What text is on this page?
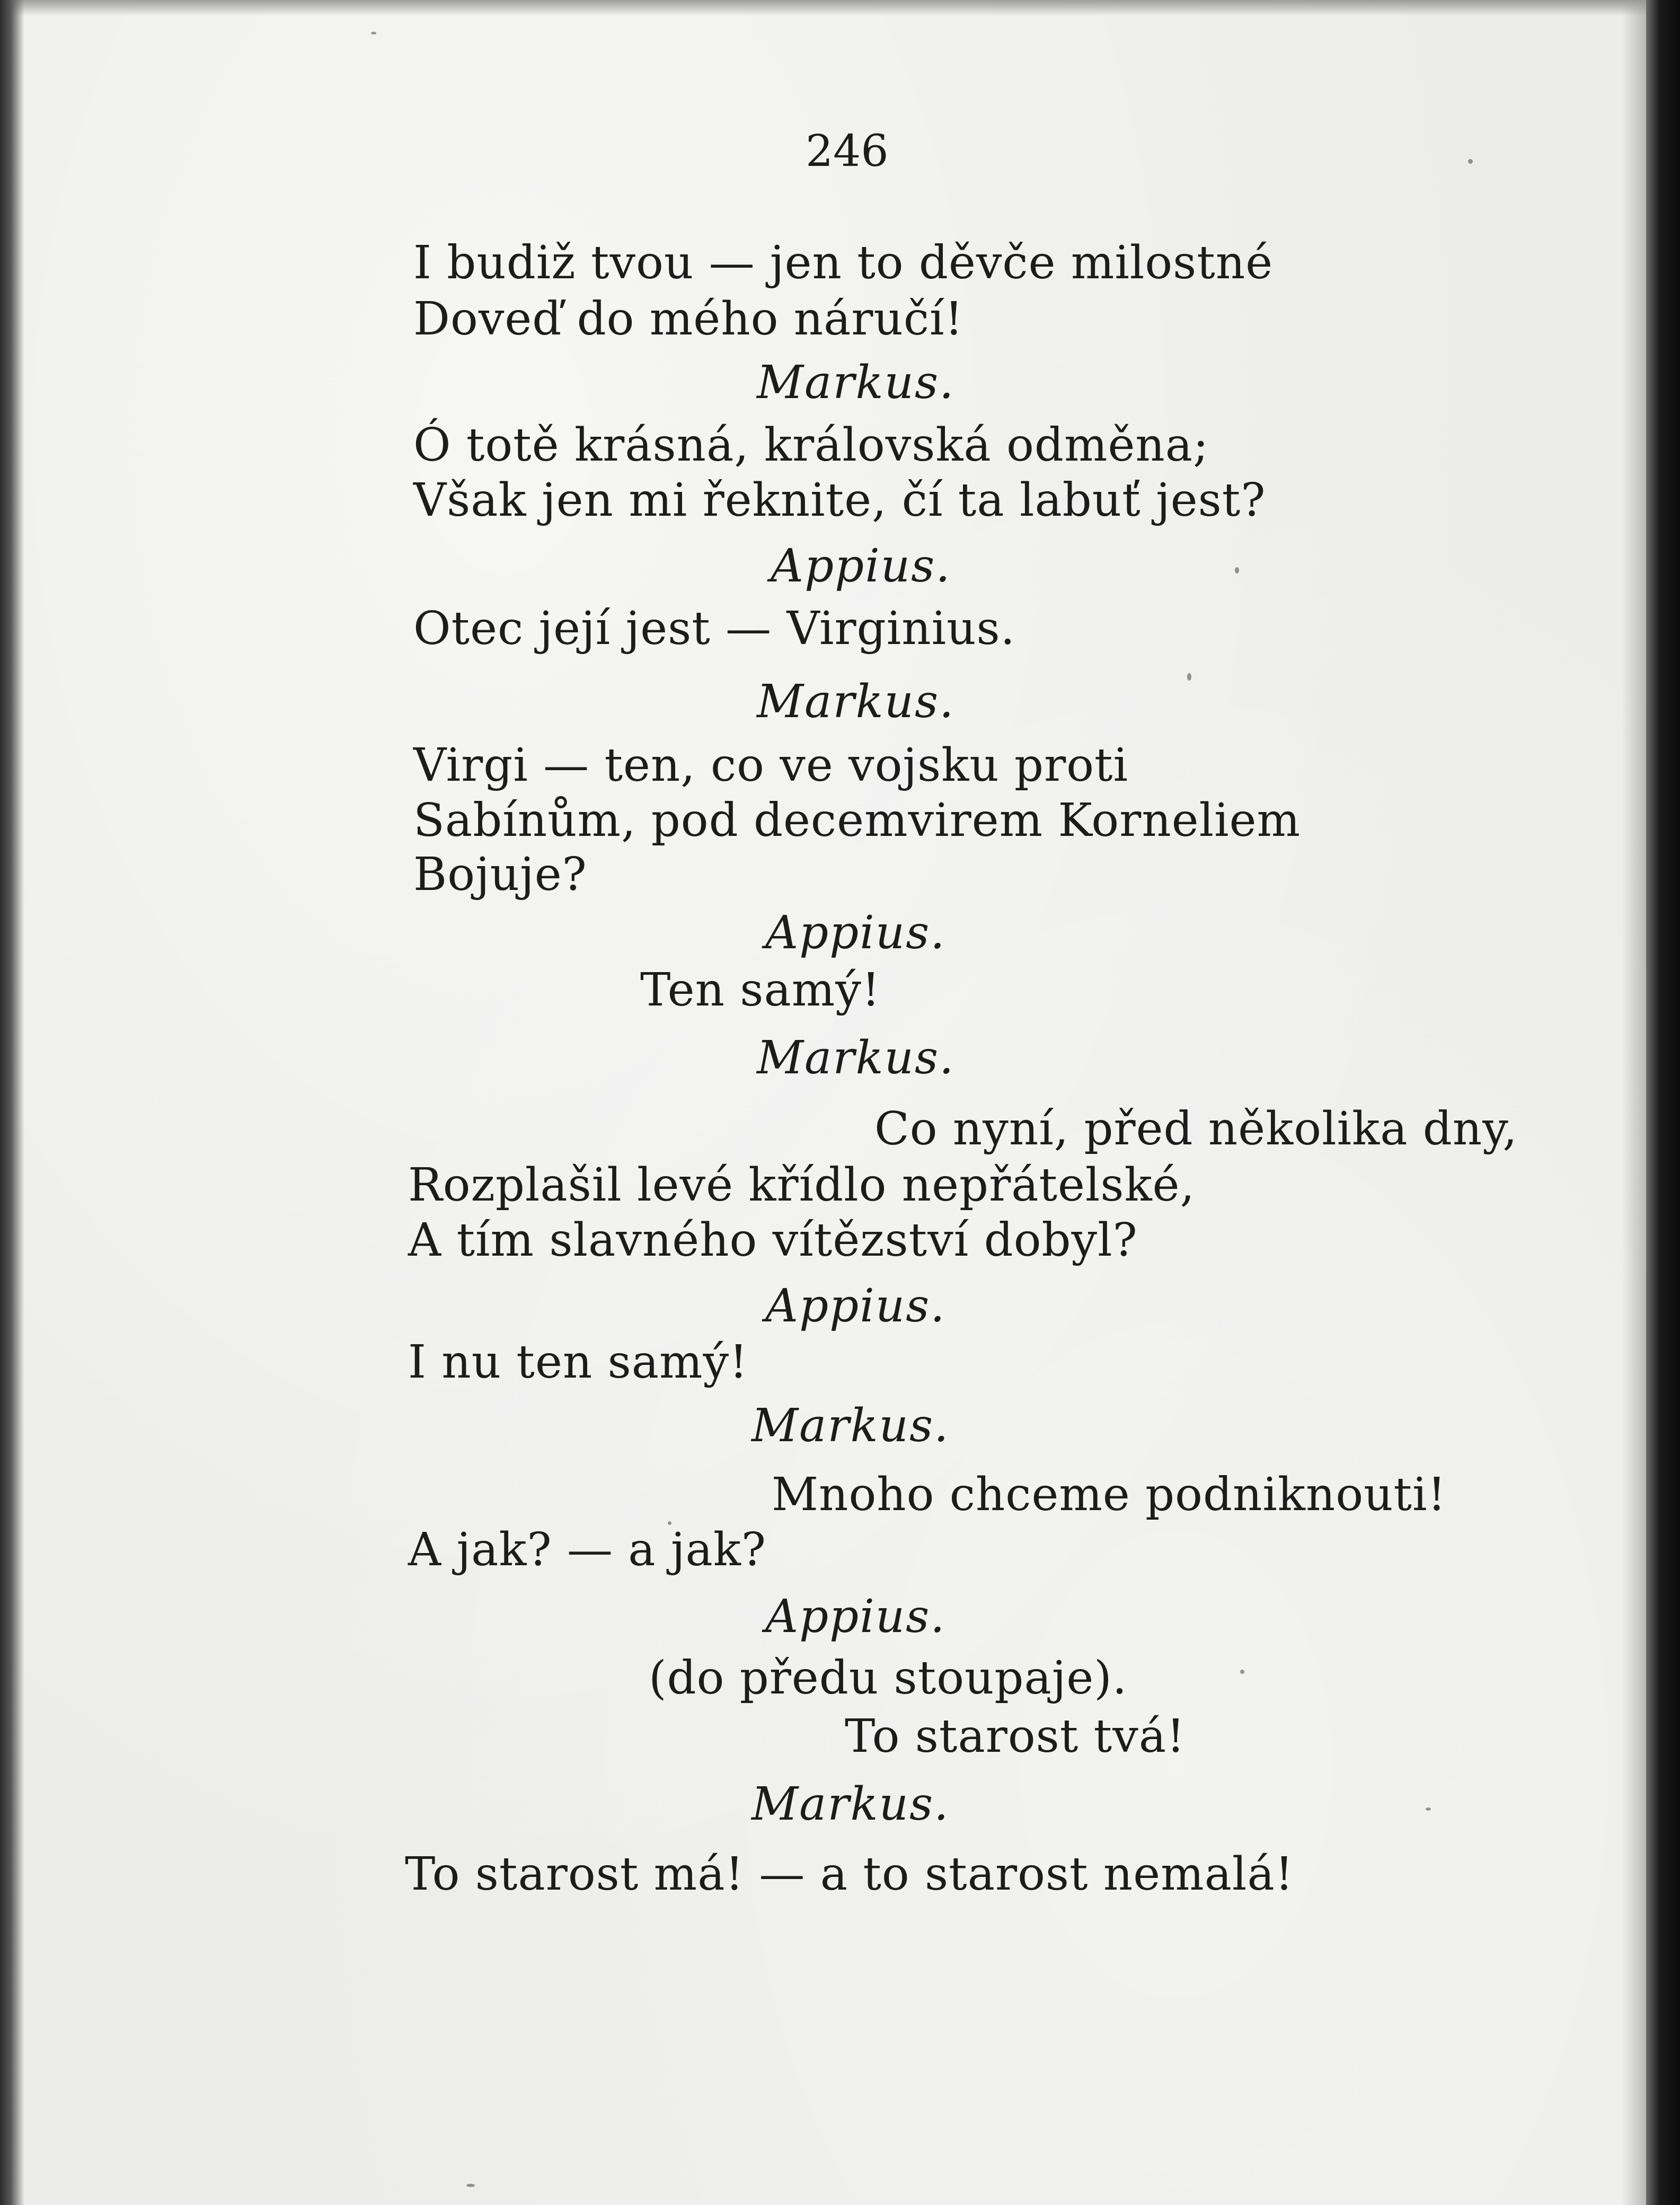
246
I budiž tvou — jen to děvče milostné
Doveď do mého náručí!
Markus.
Ó totě krásná, královská odměna;
Však jen mi řeknite, čí ta labuť jest?
Appius.
Otec její jest — Virginius.
Markus.
Virgi — ten, co ve vojsku proti
Sabínům, pod decemvirem Korneliem
Bojuje?
Appius.
Ten samý!
Markus.
Co nyní, před několika dny,
Rozplašil levé křídlo nepřátelské,
A tím slavného vítězství dobyl?
Appius.
I nu ten samý!
Markus.
Mnoho chceme podniknouti!
A jak? — a jak?
Appius.
(do předu stoupaje).
To starost tvá!
Markus.
To starost má! — a to starost nemalá!
